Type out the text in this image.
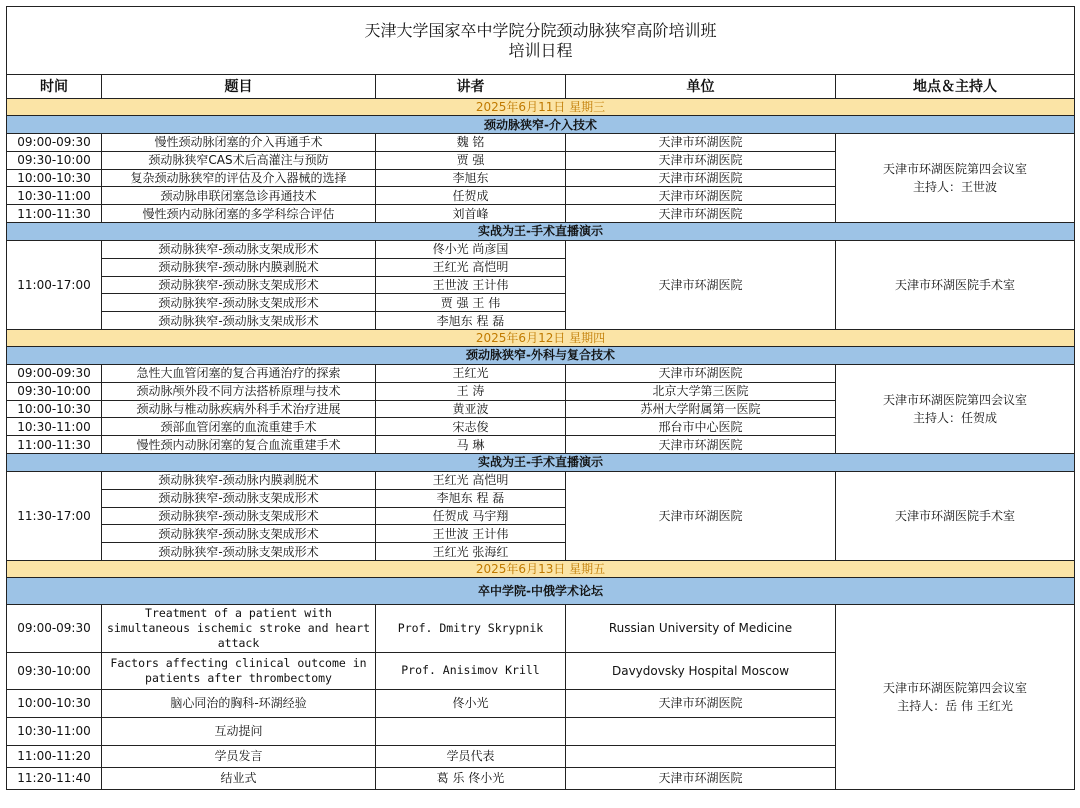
天津大学国家卒中学院分院颈动脉狭窄高阶培训班
培训日程				

时间	题目	讲者	单位	地点＆主持人
2025年6月11日 星期三				
颈动脉狭窄-介入技术				
09:00-09:30	慢性颈动脉闭塞的介入再通手术	魏 铭	天津市环湖医院	天津市环湖医院第四会议室
主持人：王世波

09:30-10:00	颈动脉狭窄CAS术后高灌注与预防	贾 强	天津市环湖医院	
10:00-10:30	复杂颈动脉狭窄的评估及介入器械的选择	李旭东	天津市环湖医院	
10:30-11:00	颈动脉串联闭塞急诊再通技术	任贺成	天津市环湖医院	
11:00-11:30	慢性颈内动脉闭塞的多学科综合评估	刘首峰	天津市环湖医院	
实战为王-手术直播演示				
11:00-17:00	颈动脉狭窄-颈动脉支架成形术	佟小光 尚彦国	天津市环湖医院	天津市环湖医院手术室
	颈动脉狭窄-颈动脉内膜剥脱术	王红光 高恺明		
	颈动脉狭窄-颈动脉支架成形术	王世波 王计伟		
	颈动脉狭窄-颈动脉支架成形术	贾 强 王 伟		
	颈动脉狭窄-颈动脉支架成形术	李旭东 程 磊		
2025年6月12日 星期四				
颈动脉狭窄-外科与复合技术				
09:00-09:30	急性大血管闭塞的复合再通治疗的探索	王红光	天津市环湖医院	天津市环湖医院第四会议室
主持人：任贺成

09:30-10:00	颈动脉颅外段不同方法搭桥原理与技术	王 涛	北京大学第三医院	
10:00-10:30	颈动脉与椎动脉疾病外科手术治疗进展	黄亚波	苏州大学附属第一医院	
10:30-11:00	颈部血管闭塞的血流重建手术	宋志俊	邢台市中心医院	
11:00-11:30	慢性颈内动脉闭塞的复合血流重建手术	马 琳	天津市环湖医院	
实战为王-手术直播演示				
11:30-17:00	颈动脉狭窄-颈动脉内膜剥脱术	王红光 高恺明	天津市环湖医院	天津市环湖医院手术室
	颈动脉狭窄-颈动脉支架成形术	李旭东 程 磊		
	颈动脉狭窄-颈动脉支架成形术	任贺成 马宇翔		
	颈动脉狭窄-颈动脉支架成形术	王世波 王计伟		
	颈动脉狭窄-颈动脉支架成形术	王红光 张海红		
2025年6月13日 星期五				
卒中学院-中俄学术论坛				
09:00-09:30	Treatment of a patient with simultaneous ischemic stroke and heart attack	Prof. Dmitry Skrypnik	Russian University of Medicine	天津市环湖医院第四会议室
主持人：岳 伟 王红光

09:30-10:00	Factors affecting clinical outcome in patients after thrombectomy	Prof. Anisimov Krill	Davydovsky Hospital Moscow	
10:00-10:30	脑心同治的胸科-环湖经验	佟小光	天津市环湖医院	
10:30-11:00	互动提问			
11:00-11:20	学员发言	学员代表		
11:20-11:40	结业式	葛 乐 佟小光	天津市环湖医院	
